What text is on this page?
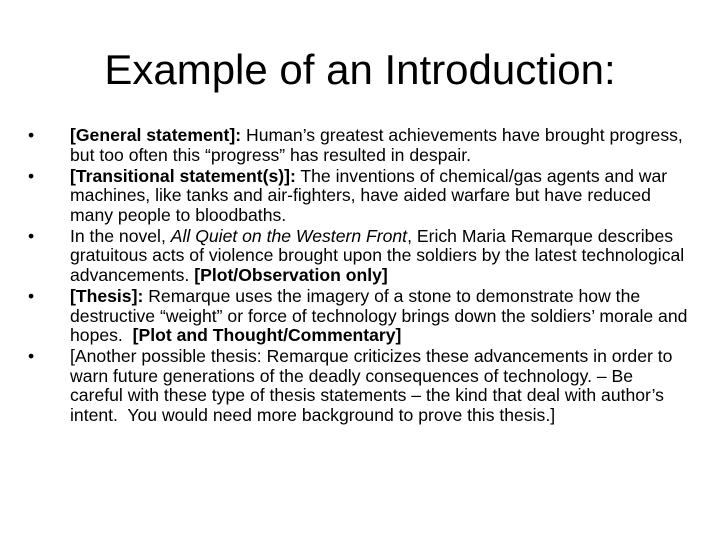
Example of an Introduction:
•	[General statement]: Human’s greatest achievements have brought progress, but too often this “progress” has resulted in despair.
•	[Transitional statement(s)]: The inventions of chemical/gas agents and war machines, like tanks and air-fighters, have aided warfare but have reduced many people to bloodbaths.
•	In the novel, All Quiet on the Western Front, Erich Maria Remarque describes gratuitous acts of violence brought upon the soldiers by the latest technological advancements. [Plot/Observation only]
•	[Thesis]: Remarque uses the imagery of a stone to demonstrate how the destructive “weight” or force of technology brings down the soldiers’ morale and hopes.  [Plot and Thought/Commentary]
•	[Another possible thesis: Remarque criticizes these advancements in order to warn future generations of the deadly consequences of technology. – Be careful with these type of thesis statements – the kind that deal with author’s intent.  You would need more background to prove this thesis.]
